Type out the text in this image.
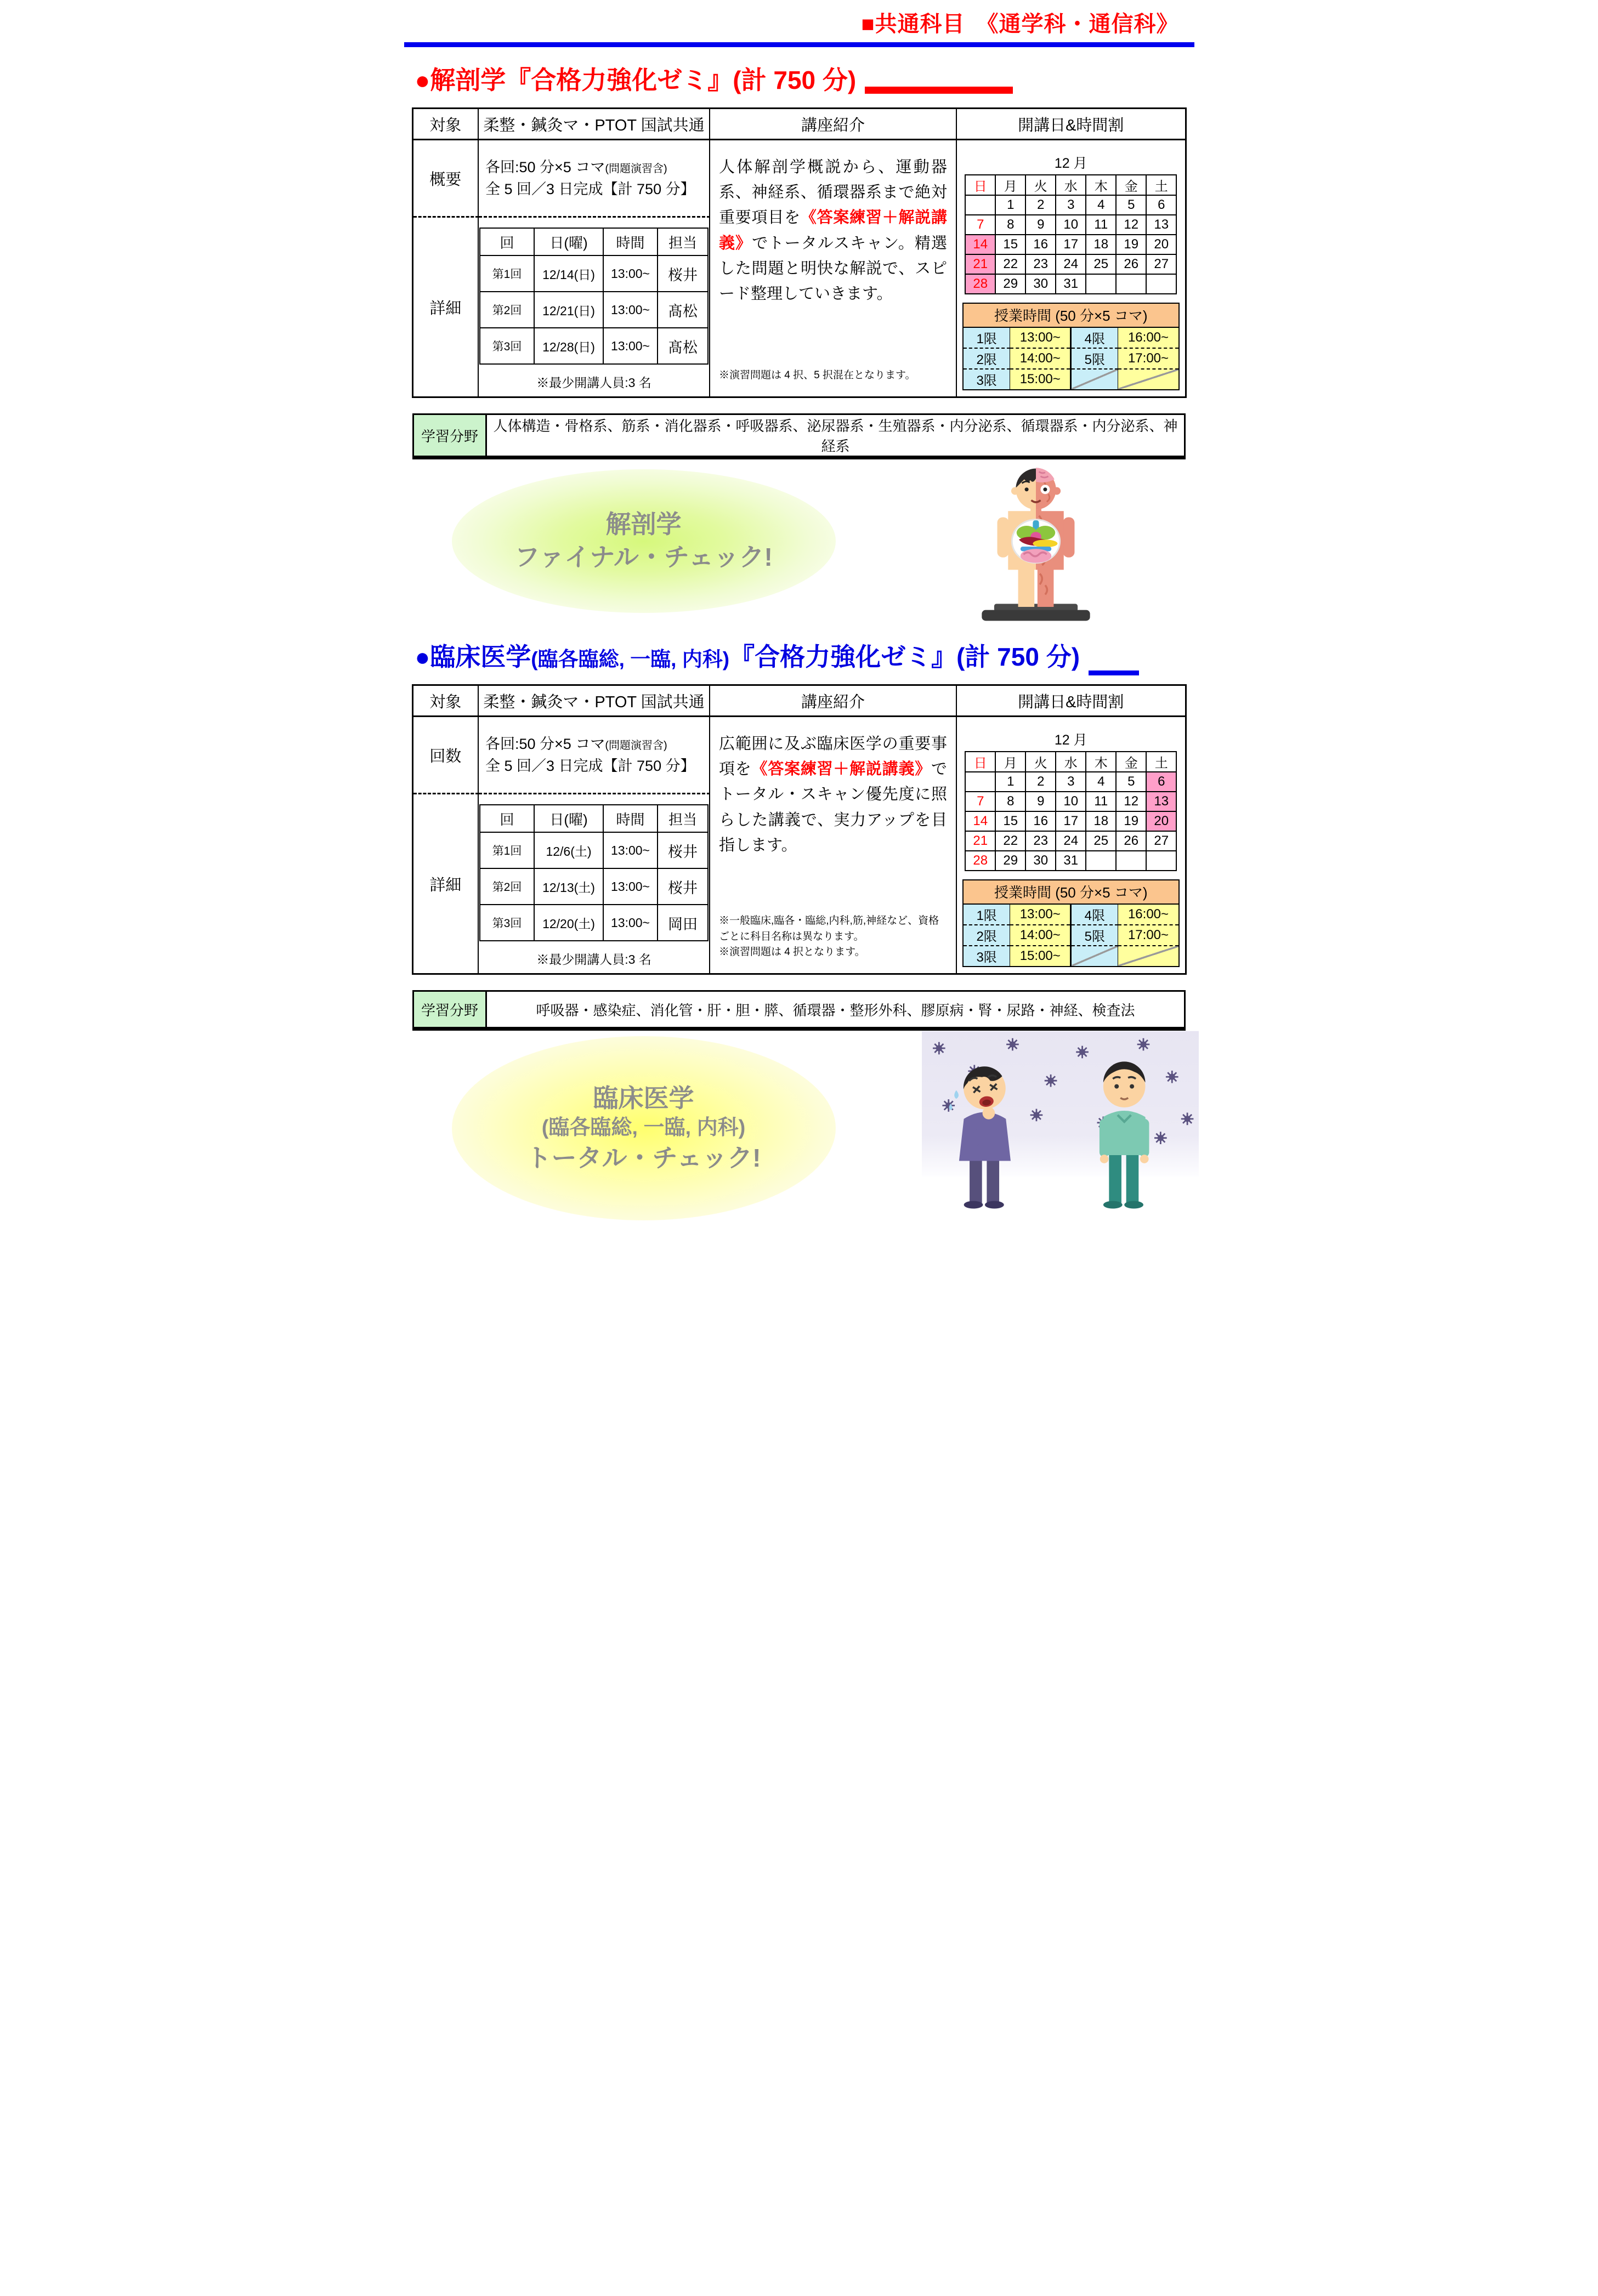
■共通科目　《通学科・通信科》
●解剖学 『合格力強化ゼミ』(計 750 分)
対象	柔整・鍼灸マ・PTOT 国試共通	講座紹介	開講日&時間割
概要	
各回:50 分×5 コマ(問題演習含)
全 5 回／3 日完成【計 750 分】

人体解剖学概説から、運動器系、神経系、循環器系まで絶対重要項目を《答案練習＋解説講義》でトータルスキャン。精選した問題と明快な解説で、スピード整理していきます。
※演習問題は 4 択、5 択混在となります。

12 月
日	月	火	水	木	金	土
	1	2	3	4	5	6
7	8	9	10	11	12	13
14	15	16	17	18	19	20
21	22	23	24	25	26	27
28	29	30	31			
授業時間 (50 分×5 コマ)
1限	13:00~	4限	16:00~
2限	14:00~	5限	17:00~
3限	15:00~		

詳細	
回	日(曜)	時間	担当
第1回	12/14(日)	13:00~	桜井
第2回	12/21(日)	13:00~	髙松
第3回	12/28(日)	13:00~	髙松
※最少開講人員:3 名
学習分野	人体構造・骨格系、筋系・消化器系・呼吸器系、泌尿器系・生殖器系・内分泌系、循環器系・内分泌系、神経系
解剖学
ファイナル・チェック!
●臨床医学 (臨各臨総, 一臨, 内科) 『合格力強化ゼミ』(計 750 分)
対象	柔整・鍼灸マ・PTOT 国試共通	講座紹介	開講日&時間割
回数	
各回:50 分×5 コマ(問題演習含)
全 5 回／3 日完成【計 750 分】

広範囲に及ぶ臨床医学の重要事項を《答案練習＋解説講義》でトータル・スキャン優先度に照らした講義で、実力アップを目指します。
※一般臨床,臨各・臨総,内科,筋,神経など、資格ごとに科目名称は異なります。
※演習問題は 4 択となります。

12 月
日	月	火	水	木	金	土
	1	2	3	4	5	6
7	8	9	10	11	12	13
14	15	16	17	18	19	20
21	22	23	24	25	26	27
28	29	30	31			
授業時間 (50 分×5 コマ)
1限	13:00~	4限	16:00~
2限	14:00~	5限	17:00~
3限	15:00~		

詳細	
回	日(曜)	時間	担当
第1回	12/6(土)	13:00~	桜井
第2回	12/13(土)	13:00~	桜井
第3回	12/20(土)	13:00~	岡田
※最少開講人員:3 名
学習分野	呼吸器・感染症、消化管・肝・胆・膵、循環器・整形外科、膠原病・腎・尿路・神経、検査法
臨床医学
(臨各臨総, 一臨, 内科)
トータル・チェック!
